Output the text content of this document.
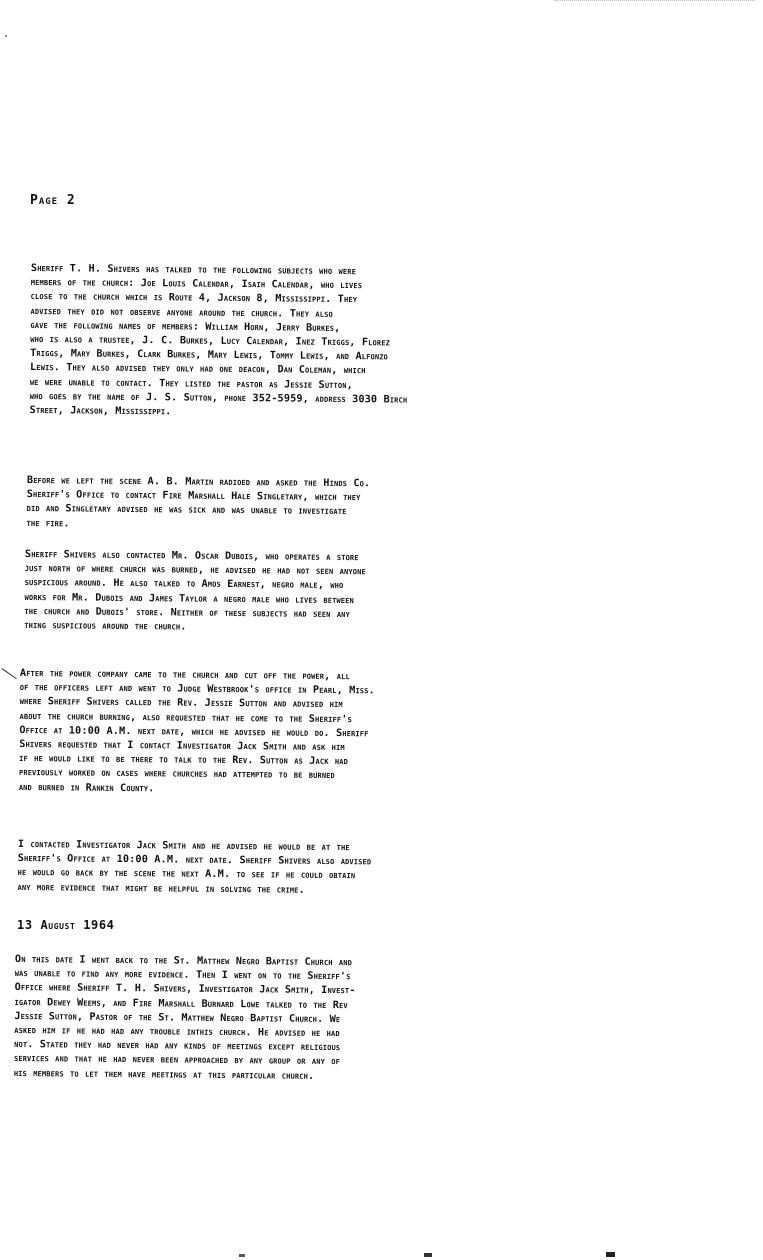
Page 2

Sheriff T. H. Shivers has talked to the following subjects who were
members of the church: Joe Louis Calendar, Isaih Calendar, who lives
close to the church which is Route 4, Jackson 8, Mississippi. They
advised they did not observe anyone around the church. They also
gave the following names of members: William Horn, Jerry Burkes,
who is also a trustee, J. C. Burkes, Lucy Calendar, Inez Triggs, Florez
Triggs, Mary Burkes, Clark Burkes, Mary Lewis, Tommy Lewis, and Alfonzo
Lewis. They also advised they only had one deacon, Dan Coleman, which
we were unable to contact. They listed the pastor as Jessie Sutton,
who goes by the name of J. S. Sutton, phone 352-5959, address 3030 Birch
Street, Jackson, Mississippi.

Before we left the scene A. B. Martin radioed and asked the Hinds Co.
Sheriff's Office to contact Fire Marshall Hale Singletary, which they
did and Singletary advised he was sick and was unable to investigate
the fire.

Sheriff Shivers also contacted Mr. Oscar Dubois, who operates a store
just north of where church was burned, he advised he had not seen anyone
suspicious around. He also talked to Amos Earnest, negro male, who
works for Mr. Dubois and James Taylor a negro male who lives between
the church and Dubois' store. Neither of these subjects had seen any
thing suspicious around the church.

After the power company came to the church and cut off the power, all
of the officers left and went to Judge Westbrook's office in Pearl, Miss.
where Sheriff Shivers called the Rev. Jessie Sutton and advised him
about the church burning, also requested that he come to the Sheriff's
Office at 10:00 A.M. next date, which he advised he would do. Sheriff
Shivers requested that I contact Investigator Jack Smith and ask him
if he would like to be there to talk to the Rev. Sutton as Jack had
previously worked on cases where churches had attempted to be burned
and burned in Rankin County.

I contacted Investigator Jack Smith and he advised he would be at the
Sheriff's Office at 10:00 A.M. next date. Sheriff Shivers also advised
he would go back by the scene the next A.M. to see if he could obtain
any more evidence that might be helpful in solving the crime.

13 August 1964

On this date I went back to the St. Matthew Negro Baptist Church and
was unable to find any more evidence. Then I went on to the Sheriff's
Office where Sheriff T. H. Shivers, Investigator Jack Smith, Invest-
igator Dewey Weems, and Fire Marshall Burnard Lowe talked to the Rev
Jessie Sutton, Pastor of the St. Matthew Negro Baptist Church. We
asked him if he had had any trouble inthis church. He advised he had
not. Stated they had never had any kinds of meetings except religious
services and that he had never been approached by any group or any of
his members to let them have meetings at this particular church.
